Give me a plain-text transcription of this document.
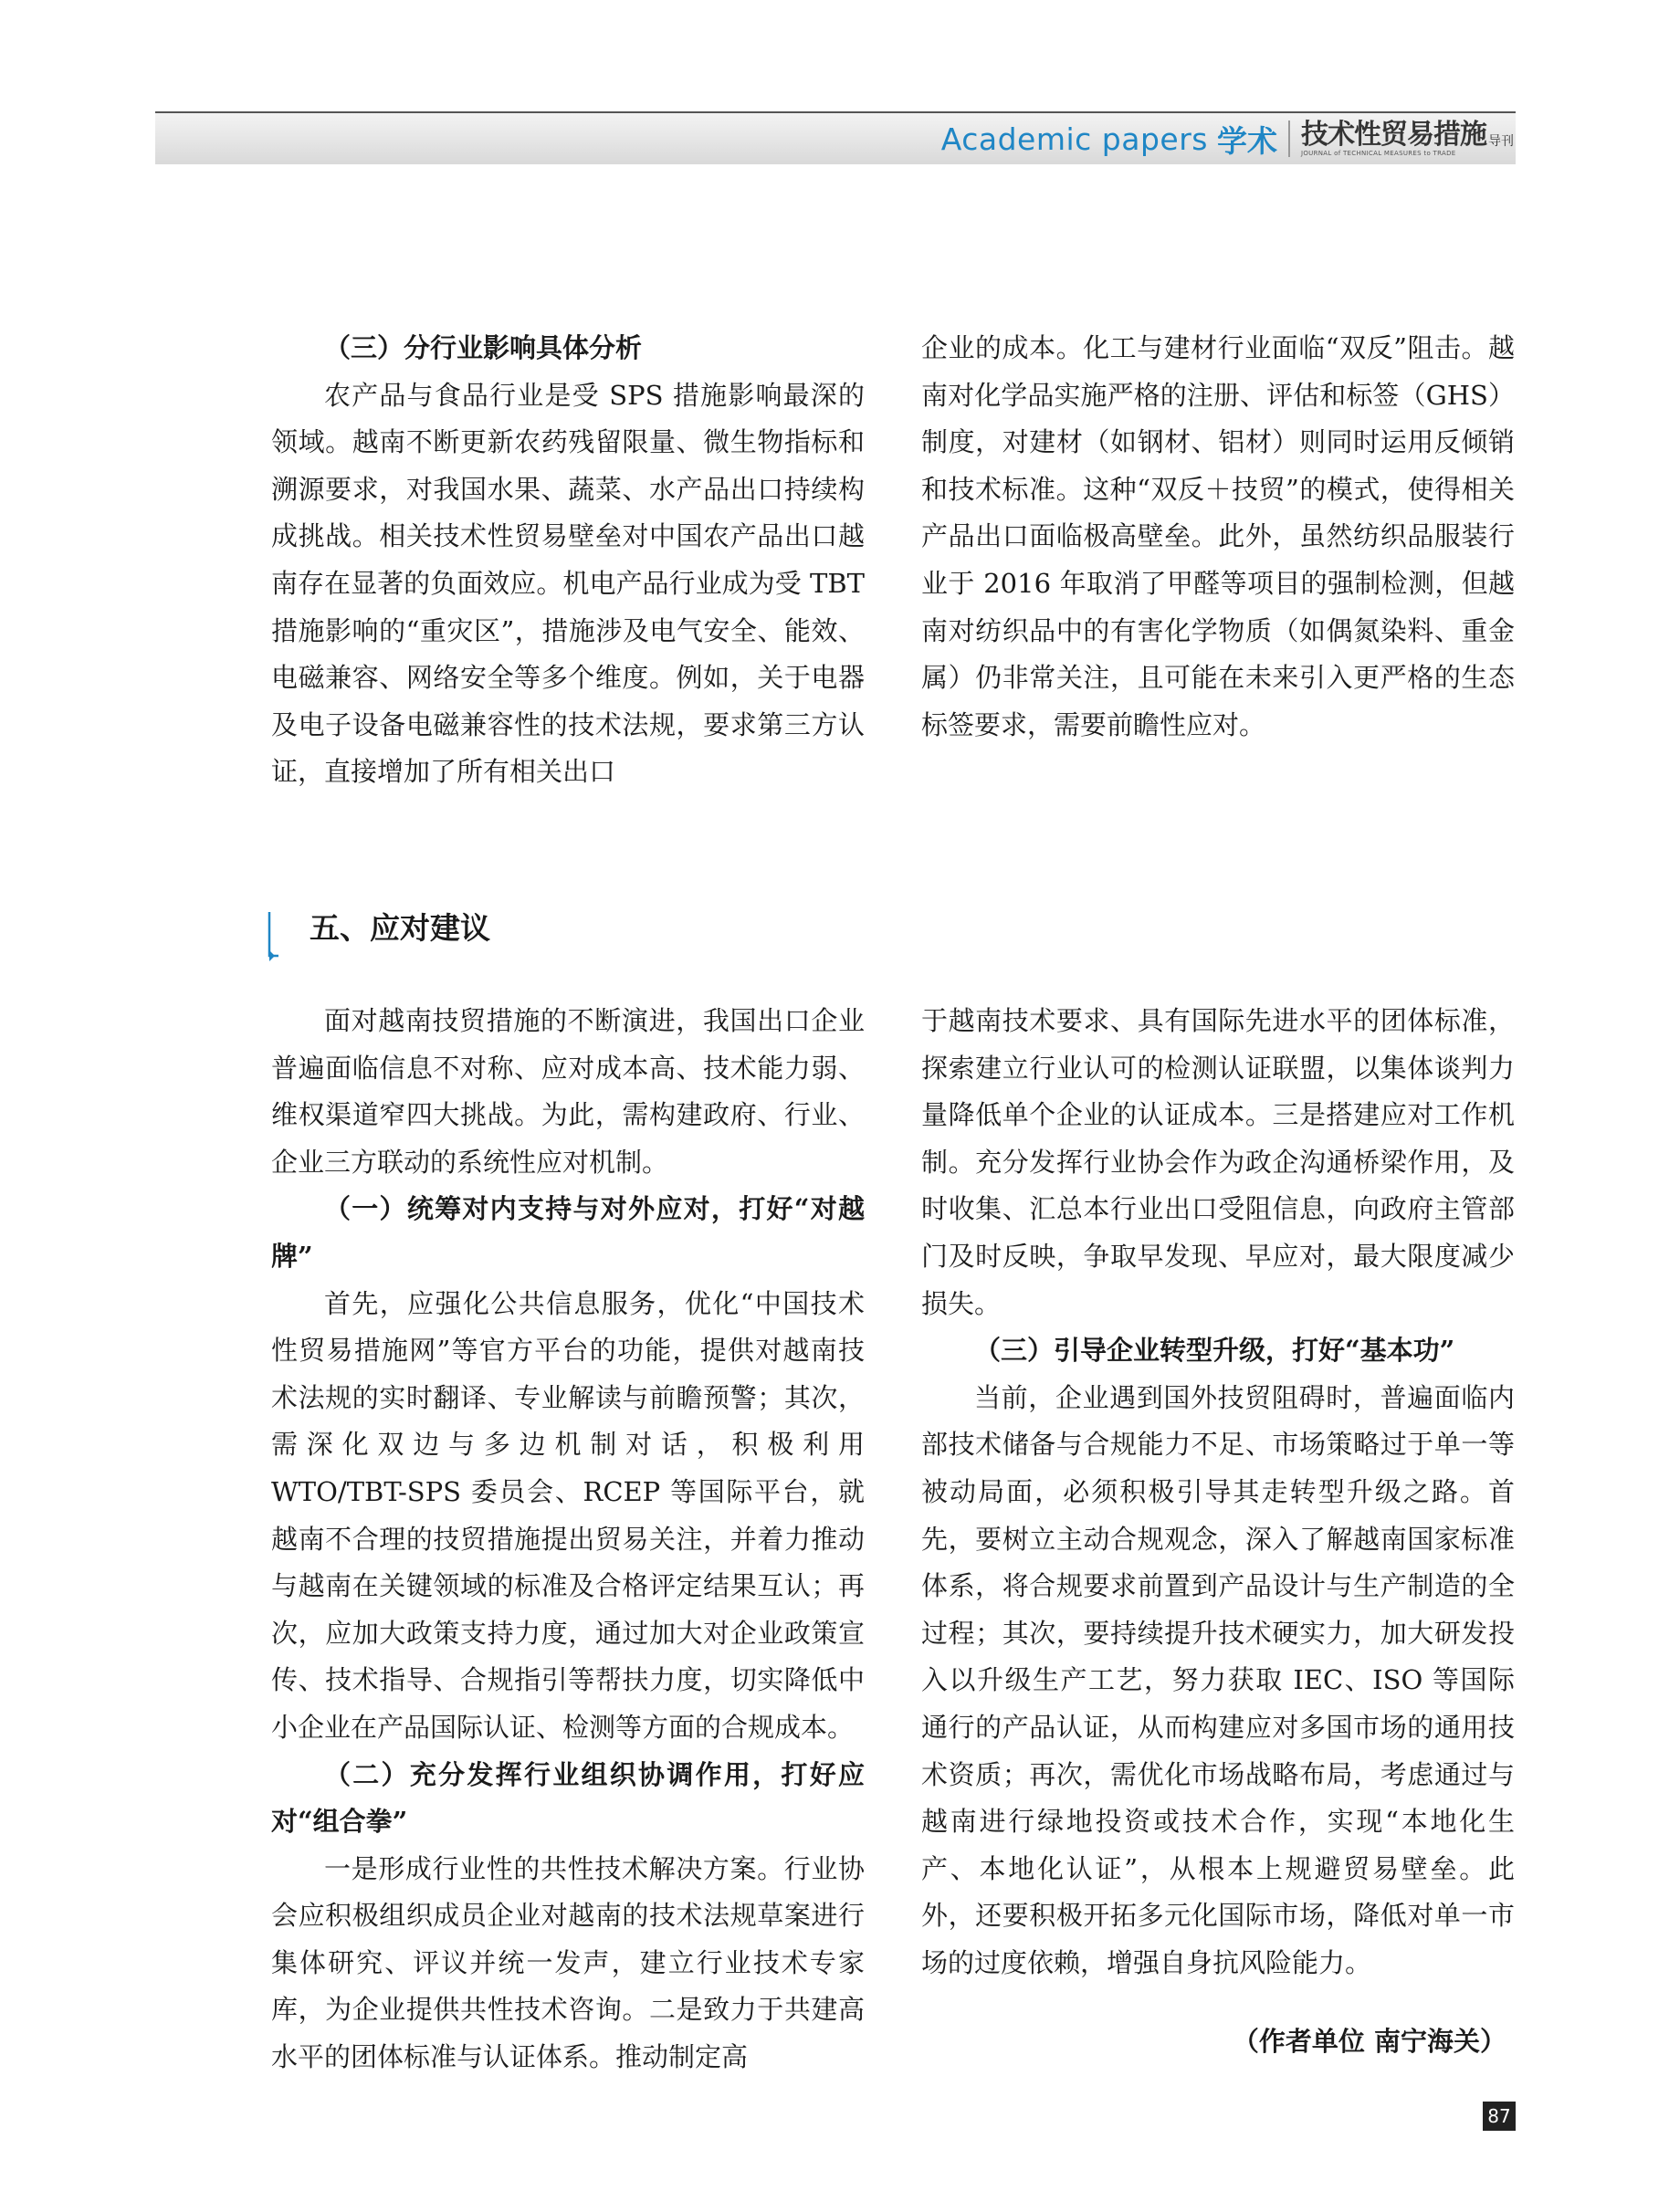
Academic papers 学术 技术性贸易措施 导刊
JOURNAL of TECHNICAL MEASURES to TRADE

（三）分行业影响具体分析

农产品与食品行业是受 SPS 措施影响最深的领域。越南不断更新农药残留限量、微生物指标和溯源要求，对我国水果、蔬菜、水产品出口持续构成挑战。相关技术性贸易壁垒对中国农产品出口越南存在显著的负面效应。机电产品行业成为受 TBT 措施影响的“重灾区”，措施涉及电气安全、能效、电磁兼容、网络安全等多个维度。例如，关于电器及电子设备电磁兼容性的技术法规，要求第三方认证，直接增加了所有相关出口

企业的成本。化工与建材行业面临“双反”阻击。越南对化学品实施严格的注册、评估和标签（GHS）制度，对建材（如钢材、铝材）则同时运用反倾销和技术标准。这种“双反＋技贸”的模式，使得相关产品出口面临极高壁垒。此外，虽然纺织品服装行业于 2016 年取消了甲醛等项目的强制检测，但越南对纺织品中的有害化学物质（如偶氮染料、重金属）仍非常关注，且可能在未来引入更严格的生态标签要求，需要前瞻性应对。

五、应对建议

面对越南技贸措施的不断演进，我国出口企业普遍面临信息不对称、应对成本高、技术能力弱、维权渠道窄四大挑战。为此，需构建政府、行业、企业三方联动的系统性应对机制。

（一）统筹对内支持与对外应对，打好“对越牌”

首先，应强化公共信息服务，优化“中国技术性贸易措施网”等官方平台的功能，提供对越南技术法规的实时翻译、专业解读与前瞻预警；其次，需深化双边与多边机制对话，积极利用 WTO/TBT-SPS 委员会、RCEP 等国际平台，就越南不合理的技贸措施提出贸易关注，并着力推动与越南在关键领域的标准及合格评定结果互认；再次，应加大政策支持力度，通过加大对企业政策宣传、技术指导、合规指引等帮扶力度，切实降低中小企业在产品国际认证、检测等方面的合规成本。

（二）充分发挥行业组织协调作用，打好应对“组合拳”

一是形成行业性的共性技术解决方案。行业协会应积极组织成员企业对越南的技术法规草案进行集体研究、评议并统一发声，建立行业技术专家库，为企业提供共性技术咨询。二是致力于共建高水平的团体标准与认证体系。推动制定高

于越南技术要求、具有国际先进水平的团体标准，探索建立行业认可的检测认证联盟，以集体谈判力量降低单个企业的认证成本。三是搭建应对工作机制。充分发挥行业协会作为政企沟通桥梁作用，及时收集、汇总本行业出口受阻信息，向政府主管部门及时反映，争取早发现、早应对，最大限度减少损失。

（三）引导企业转型升级，打好“基本功”

当前，企业遇到国外技贸阻碍时，普遍面临内部技术储备与合规能力不足、市场策略过于单一等被动局面，必须积极引导其走转型升级之路。首先，要树立主动合规观念，深入了解越南国家标准体系，将合规要求前置到产品设计与生产制造的全过程；其次，要持续提升技术硬实力，加大研发投入以升级生产工艺，努力获取 IEC、ISO 等国际通行的产品认证，从而构建应对多国市场的通用技术资质；再次，需优化市场战略布局，考虑通过与越南进行绿地投资或技术合作，实现“本地化生产、本地化认证”，从根本上规避贸易壁垒。此外，还要积极开拓多元化国际市场，降低对单一市场的过度依赖，增强自身抗风险能力。

（作者单位 南宁海关）
87
